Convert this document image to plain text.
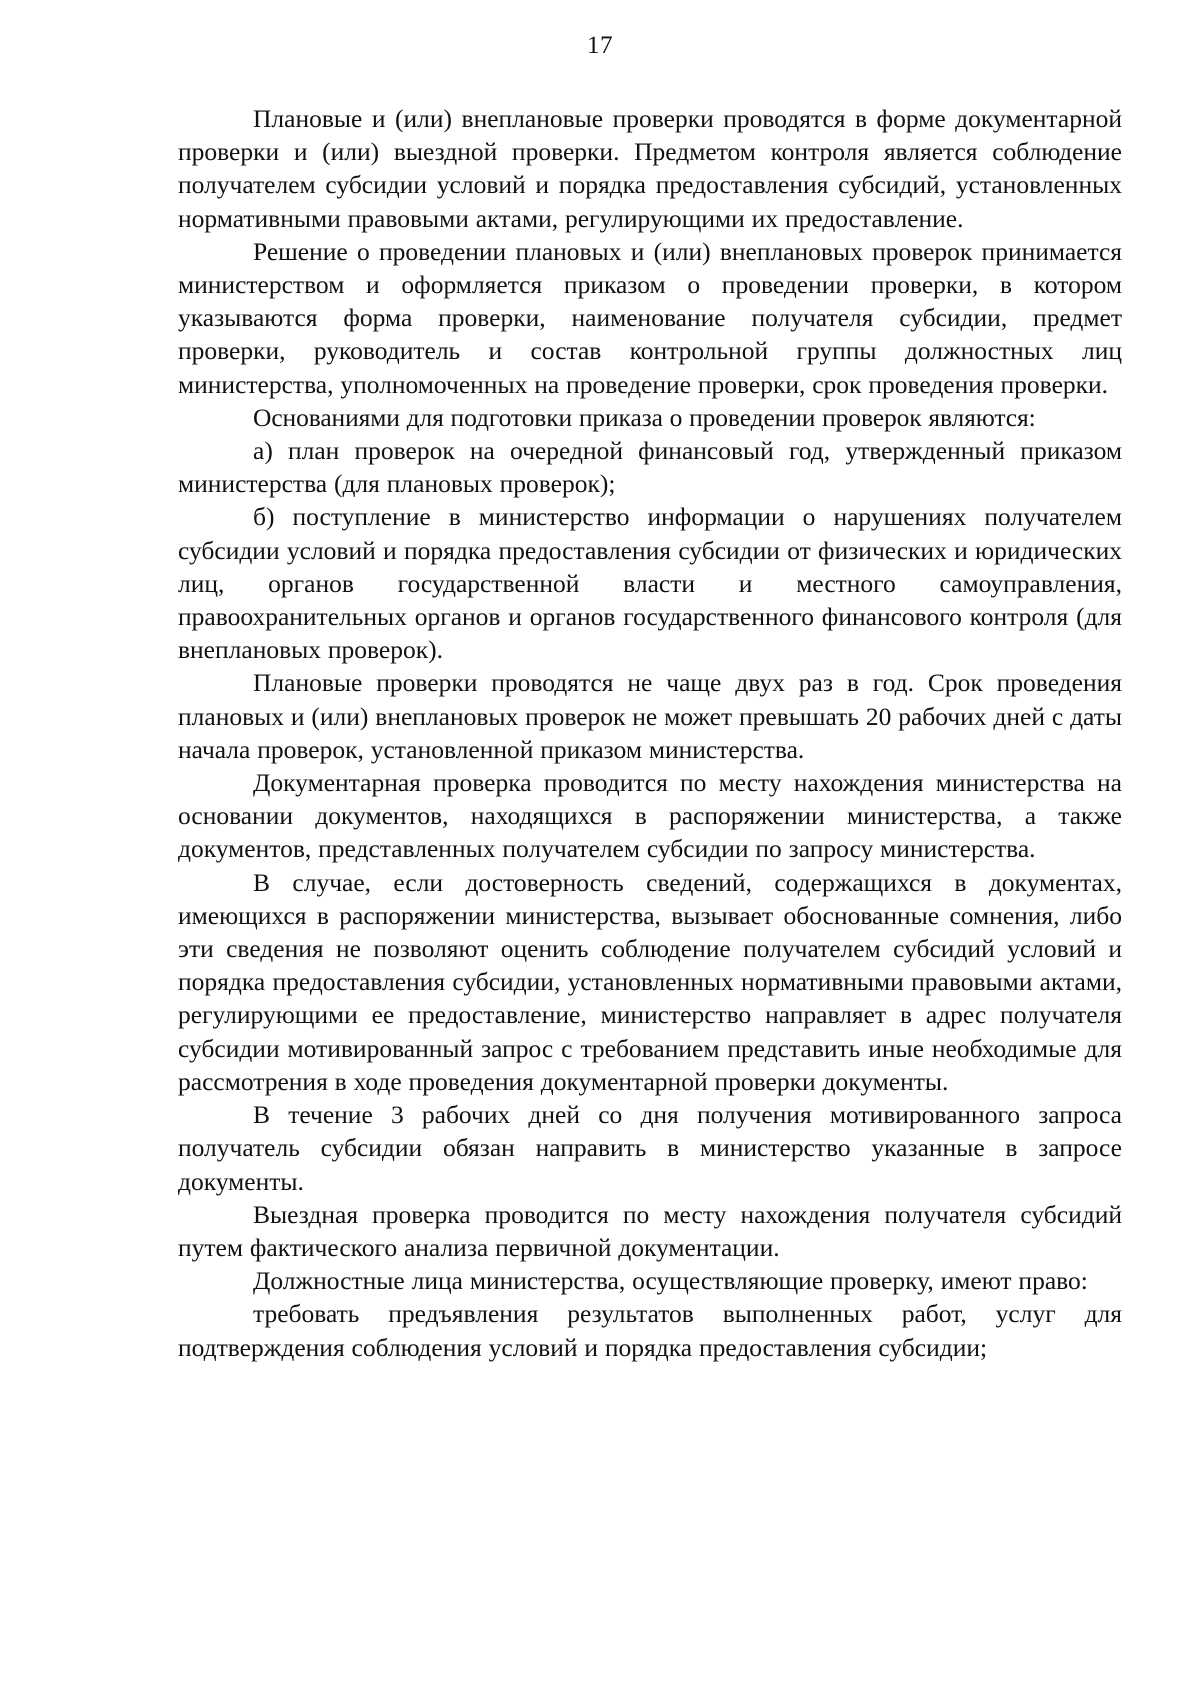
17

Плановые и (или) внеплановые проверки проводятся в форме документарной проверки и (или) выездной проверки. Предметом контроля является соблюдение получателем субсидии условий и порядка предоставления субсидий, установленных нормативными правовыми актами, регулирующими их предоставление.

Решение о проведении плановых и (или) внеплановых проверок принимается министерством и оформляется приказом о проведении проверки, в котором указываются форма проверки, наименование получателя субсидии, предмет проверки, руководитель и состав контрольной группы должностных лиц министерства, уполномоченных на проведение проверки, срок проведения проверки.

Основаниями для подготовки приказа о проведении проверок являются:

а) план проверок на очередной финансовый год, утвержденный приказом министерства (для плановых проверок);

б) поступление в министерство информации о нарушениях получателем субсидии условий и порядка предоставления субсидии от физических и юридических лиц, органов государственной власти и местного самоуправления, правоохранительных органов и органов государственного финансового контроля (для внеплановых проверок).

Плановые проверки проводятся не чаще двух раз в год. Срок проведения плановых и (или) внеплановых проверок не может превышать 20 рабочих дней с даты начала проверок, установленной приказом министерства.

Документарная проверка проводится по месту нахождения министерства на основании документов, находящихся в распоряжении министерства, а также документов, представленных получателем субсидии по запросу министерства.

В случае, если достоверность сведений, содержащихся в документах, имеющихся в распоряжении министерства, вызывает обоснованные сомнения, либо эти сведения не позволяют оценить соблюдение получателем субсидий условий и порядка предоставления субсидии, установленных нормативными правовыми актами, регулирующими ее предоставление, министерство направляет в адрес получателя субсидии мотивированный запрос с требованием представить иные необходимые для рассмотрения в ходе проведения документарной проверки документы.

В течение 3 рабочих дней со дня получения мотивированного запроса получатель субсидии обязан направить в министерство указанные в запросе документы.

Выездная проверка проводится по месту нахождения получателя субсидий путем фактического анализа первичной документации.

Должностные лица министерства, осуществляющие проверку, имеют право:

требовать предъявления результатов выполненных работ, услуг для подтверждения соблюдения условий и порядка предоставления субсидии;
